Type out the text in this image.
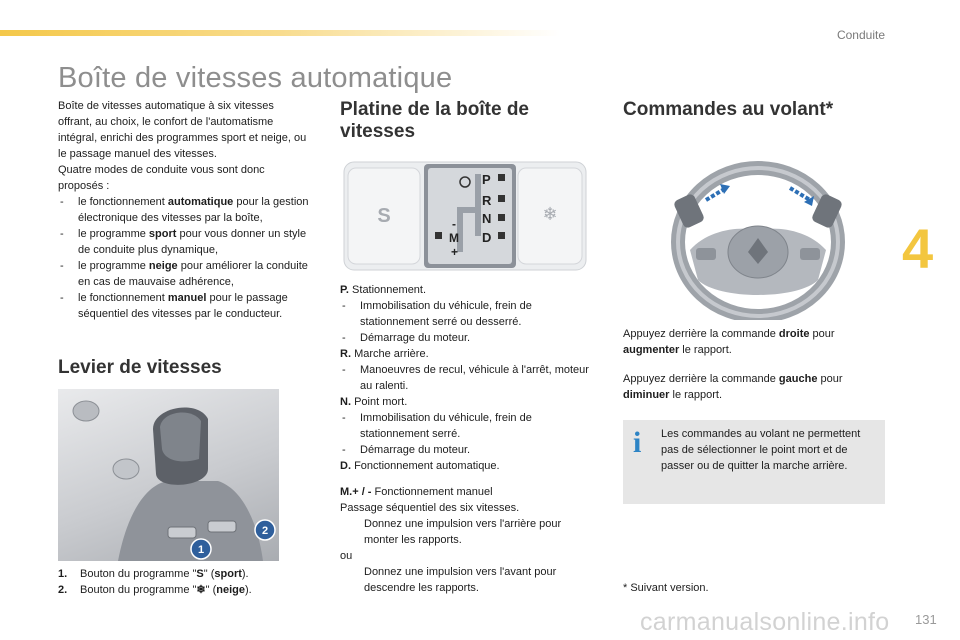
Conduite
4
Boîte de vitesses automatique

Boîte de vitesses automatique à six vitesses offrant, au choix, le confort de l'automatisme intégral, enrichi des programmes sport et neige, ou le passage manuel des vitesses.

Quatre modes de conduite vous sont donc proposés :

- le fonctionnement automatique pour la gestion électronique des vitesses par la boîte,
- le programme sport pour vous donner un style de conduite plus dynamique,
- le programme neige pour améliorer la conduite en cas de mauvaise adhérence,
- le fonctionnement manuel pour le passage séquentiel des vitesses par le conducteur.
Levier de vitesses
1
2
1. Bouton du programme "S" (sport).
2. Bouton du programme "❄" (neige).
Platine de la boîte de vitesses
S	❄
P
R
N
D
-
M
+
P. Stationnement.
- Immobilisation du véhicule, frein de stationnement serré ou desserré.
- Démarrage du moteur.
R. Marche arrière.
- Manoeuvres de recul, véhicule à l'arrêt, moteur au ralenti.
N. Point mort.
- Immobilisation du véhicule, frein de stationnement serré.
- Démarrage du moteur.
D. Fonctionnement automatique.
M.+ / - Fonctionnement manuel
Passage séquentiel des six vitesses.
Donnez une impulsion vers l'arrière pour monter les rapports.
ou
Donnez une impulsion vers l'avant pour descendre les rapports.
Commandes au volant*
Appuyez derrière la commande droite pour augmenter le rapport.
Appuyez derrière la commande gauche pour diminuer le rapport.
i Les commandes au volant ne permettent pas de sélectionner le point mort et de passer ou de quitter la marche arrière.
* Suivant version.
carmanualsonline.info 131
